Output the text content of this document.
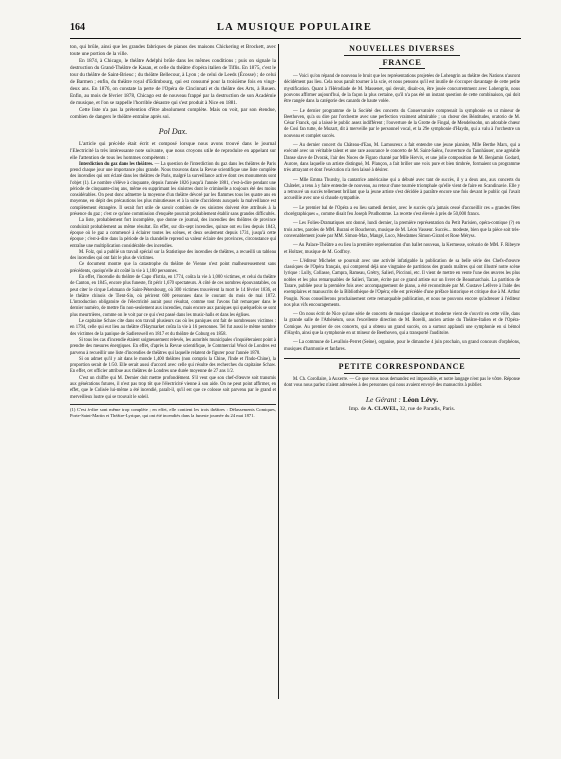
164	LA MUSIQUE POPULAIRE

ton, qui brûle, ainsi que les grandes fabriques de pianos des maisons Chickering et Brockett, avec toute une portion de la ville.

En 1874, à Chicago, le théâtre Adelphi brûle dans les mêmes conditions ; puis on signale la destruction du Grand-Théâtre de Kasan, et celle du théâtre d'opéra italien de Tiflis. En 1875, c'est le tour du théâtre de Saint-Brieuc ; du théâtre Bellecour, à Lyon ; de celui de Leeds (Écosse) ; de celui de Barmen ; enfin, du théâtre royal d'Edimbourg, qui est consumé pour la troisième fois en vingt-deux ans. En 1876, on constate la perte de l'Opéra de Cincinnati et du théâtre des Arts, à Rouen. Enfin, au mois de février 1878, Chicago est de nouveau frappé par la destruction de son Académie de musique, et l'on se rappelle l'horrible désastre qui s'est produit à Nice en 1881.

Cette liste n'a pas la prétention d'être absolument complète. Mais on voit, par son étendue, combien de dangers le théâtre entraîne après soi.

Pol Dax.

L'article qui précède était écrit et composé lorsque nous avons trouvé dans le journal l'Electricité la très intéressante note suivante, que nous croyons utile de reproduire en appelant sur elle l'attention de tous les hommes compétents :

Interdiction du gaz dans les théâtres. — La question de l'interdiction du gaz dans les théâtres de Paris prend chaque jour une importance plus grande. Nous trouvons dans la Revue scientifique une liste complète des incendies qui ont éclaté dans les théâtres de Paris, malgré la surveillance active dont ces monuments sont l'objet (1). Le nombre s'élève à cinquante, depuis l'année 1826 jusqu'à l'année 1881, c'est-à-dire pendant une période de cinquante-cinq ans, même en supprimant les sinistres dont le criminelle a toujours été des moins considérables. On peut donc admettre la moyenne d'un théâtre dévoré par les flammes tous les quatre ans en moyenne, en dépit des précautions les plus minutieuses et à la suite d'accidents auxquels la malveillance est complètement étrangère. Il serait fort utile de savoir combien de ces sinistres doivent être attribués à la présence du gaz ; c'est ce qu'une commission d'enquête pourrait probablement établir sans grandes difficultés.

La liste, probablement fort incomplète, que donne ce journal, des incendies des théâtres de province conduirait probablement au même résultat. En effet, sur dix-sept incendies, quinze ont eu lieu depuis 1843, époque où le gaz a commencé à éclairer toutes les scènes, et deux seulement depuis 1731, jusqu'à cette époque ; c'est-à-dire dans la période de la chandelle reprend sa valeur éclaire des provinces, circonstance qui entraîne une multiplication considérable des incendies.

M. Folz, qui a publié un travail spécial sur la Statistique des incendies de théâtres, a recueilli un tableau des incendies qui ont fait le plus de victimes.

Ce document montre que la catastrophe du théâtre de Vienne n'est point malheureusement sans précédents, quoiqu'elle ait coûté la vie à 1,100 personnes.

En effet, l'incendie du théâtre de Capo d'Istria, en 1774, coûta la vie à 1,000 victimes, et celui du théâtre de Canton, en 1845, encore plus funeste, fit périr 1,670 spectateurs. A côté de ces nombres épouvantables, on peut citer le cirque Lehmann de Saint-Pétersbourg, où 300 victimes trouvèrent la mort le 14 février 1836, et le théâtre chinois de Tient-Sin, où périrent 600 personnes dans le courant du mois de mai 1872. L'introduction obligatoire de l'électricité aurait pour résultat, comme tout l'avons fait remarquer dans le dernier numéro, de mettre fin non-seulement aux incendies, mais encore aux paniques qui quelquefois se sont plus meurtrières, comme on le voit par ce qui s'est passé dans les music-halls et dans les églises.

Le capitaine Schaw cite dans son travail plusieurs cas où les paniques ont fait de nombreuses victimes : en 1794, celle qui eut lieu au théâtre d'Haymarket coûta la vie à 16 personnes. Tel fut aussi le même nombre des victimes de la panique de Sadlerswell en 1817 et du théâtre de Coburg en 1858.

Si tous les cas d'incendie étaient soigneusement relevés, les autorités municipales s'inquiéteraient point à prendre des mesures énergiques. En effet, d'après la Revue scientifique, le Commercial Wool de Londres est parvenu à recueillir une liste d'incendies de théâtres qui laquelle relatent de figurer pour l'année 1878.

Si on admet qu'il y ait dans le monde 1,400 théâtres (non compris la Chine, l'Inde et l'Indo-Chine), la proportion serait de 1/50. Elle serait aussi d'accord avec celle qui résulte des recherches du capitaine Schaw. En effet, cet officier attribue aux théâtres de Londres une durée moyenne de 27 ans 1/2.

C'est un chiffre qui M. Dernier doit mettre profondément. S'il veut que son chef-d'œuvre soit transmis aux générations futures, il n'est pas trop tôt que l'électricité vienne à son aide. On ne peut point affirmer, en effet, que le Colisée lui-même a été incendié, paraît-il, qu'il est que ce colosse soit parvenu par le grand et merveilleux lustre qui se trouvait le soleil.

(1) C'est à-dire sont même trop complète ; en effet, elle contient les trois théâtres : Délassements Comiques, Porte-Saint-Martin et Théâtre-Lyrique, qui ont été incendiés dans la funeste journée du 24 mai 1871.
NOUVELLES DIVERSES
FRANCE

— Voici qu'on répand de nouveau le bruit que les représentations projetées de Lohengrin au théâtre des Nations n'auront décidément pas lieu. Cela nous paraît tourner à la scie, et nous pensons qu'il est inutile de s'occuper davantage de cette petite mystification. Quant à l'Hérodiade de M. Massenet, qui devait, disait-on, être jouée concurremment avec Lohengrin, nous pouvons affirmer aujourd'hui, de la façon la plus certaine, qu'il n'a pas été un instant question de cette combinaison, qui doit être rangée dans la catégorie des canards de haute volée.

— Le dernier programme de la Société des concerts du Conservatoire comprenait la symphonie en ut mineur de Beethoven, qu'a su dire par l'orchestre avec une perfection vraiment admirable ; un chœur des Béatitudes, oratorio de M. César Franck, qui a laissé le public assez indifférent ; l'ouverture de la Grotte de Fingal, de Mendelssohn, un adorable chœur de Cosi fan tutte, de Mozart, dit à merveille par le personnel vocal, et la 29e symphonie d'Haydn, qui a valu à l'orchestre un nouveau et complet succès.

— Au dernier concert du Château-d'Eau, M. Lamoureux a fait entendre une jeune pianiste, Mlle Berthe Marx, qui a exécuté avec un véritable talent et une rare assurance le concerto de M. Saint-Saëns, l'ouverture du Tannhäuser, une agréable Danse slave de Dvorak, l'air des Noces de Figaro chanté par Mlle Hervix, et une jolie composition de M. Benjamin Godard, Aurore, dans laquelle un artiste distingué, M. Plançon, a fait briller une voix pure et bien timbrée, formaient un programme très attrayant et dont l'exécution n'a rien laissé à désirer.

— Mlle Emma Thursby, la cantatrice américaine qui a débuté avec tant de succès, il y a deux ans, aux concerts du Châtelet, a tenu à y faire entendre de nouveau, au retour d'une tournée triomphale qu'elle vient de faire en Scandinavie. Elle y a retrouvé un succès tellement brillant que la jeune artiste s'est décidée à paraître encore une fois devant le public qui l'avait accueillie avec une si chaude sympathie.

— Le premier bal de l'Opéra a eu lieu samedi dernier, avec le succès qu'a jamais cessé d'accueillir ces « grandes fêtes chorégraphiques », comme disait feu Joseph Prudhomme. La recette s'est élevée à près de 50,000 francs.

— Les Folies-Dramatiques ont donné, lundi dernier, la première représentation du Petit Parisien, opéra-comique (?) en trois actes, paroles de MM. Burani et Boucheron, musique de M. Léon Vasseur. Succès... modeste, bien que la pièce soit très-convenablement jouée par MM. Simon-Max, Mangé, Luco, Mesdames Simon-Girard et Rose Méryss.

— Au Palace-Théâtre a eu lieu la première représentation d'un ballet nouveau, la Kermesse, scénario de MM. F. Ribeyre et Holtzer, musique de M. Godfroy.

— L'éditeur Michelet se poursuit avec une activité infatigable la publication de sa belle série des Chefs-d'œuvre classiques de l'Opéra français, qui comprend déjà une vingtaine de partitions des grands maîtres qui ont illustré notre scène lyrique : Lully, Collasse, Campra, Rameau, Grétry, Salieri, Piccinni, etc. Il vient de mettre en vente l'une des œuvres les plus nobles et les plus remarquables de Salieri, Tarare, écrite par ce grand artiste sur un livret de Beaumarchais. La partition de Tarare, publiée pour la première fois avec accompagnement de piano, a été reconstituée par M. Gustave Lefèvre à l'aide des exemplaires et manuscrits de la Bibliothèque de l'Opéra; elle est précédée d'une préface historique et critique due à M. Arthur Pougin. Nous conseillerons prochainement cette remarquable publication, et nous ne pouvons encore qu'adresser à l'éditeur nos plus vifs encouragements.

— On nous écrit de Nice qu'une série de concerts de musique classique et moderne vient de s'ouvrir en cette ville, dans la grande salle de l'Athénéum, sous l'excellente direction de M. Borelli, ancien artiste du Théâtre-Italien et de l'Opéra-Comique. Au premier de ces concerts, qui a obtenu un grand succès, on a surtout applaudi une symphonie en si bémol d'Haydn, ainsi que la symphonie en ut mineur de Beethoven, qui a transporté l'auditoire.

— La commune de Levallois-Perret (Seine), organise, pour le dimanche 4 juin prochain, un grand concours d'orphéons, musiques d'harmonie et fanfares.

PETITE CORRESPONDANCE

M. Ch. Corollaire, à Auxerre. — Ce que vous nous demandez est impossible, et notre langage n'est pas le vôtre. Réponse dont vous nous parlez n'aient adressées à des personnes qui nous avaient envoyé des manuscrits à publier.

Le Gérant : Léon Lévy.
Imp. de A. CLAVEL, 32, rue de Paradis, Paris.
